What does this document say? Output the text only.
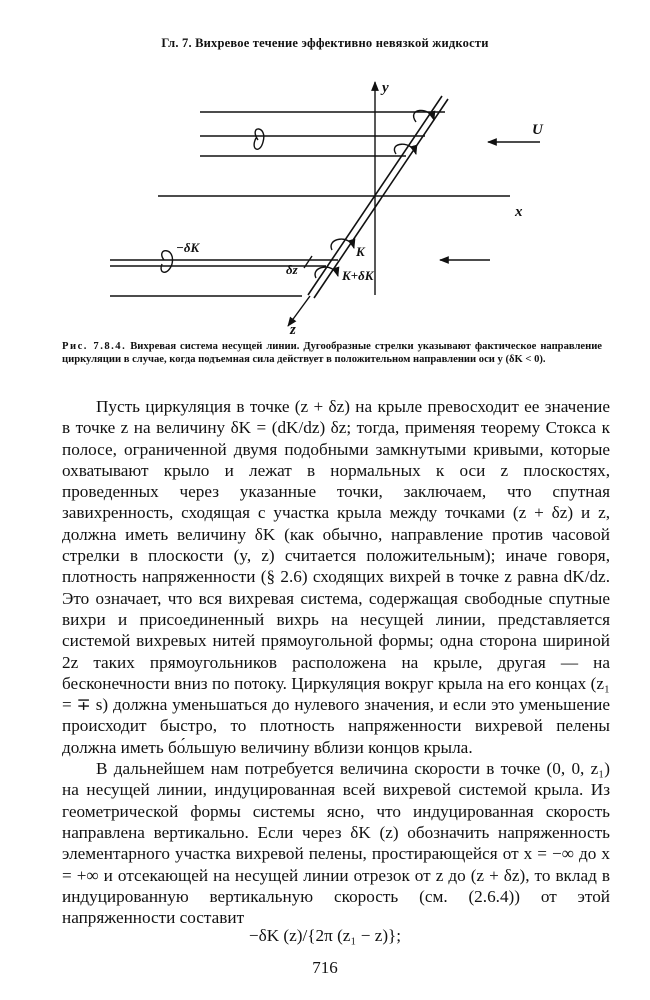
Гл. 7. Вихревое течение эффективно невязкой жидкости
y
U
x
K
K+δK
δz
−δK
z
Рис. 7.8.4. Вихревая система несущей линии. Дугообразные стрелки указывают фактическое направление циркуляции в случае, когда подъемная сила действует в положительном направлении оси y (δK < 0).

Пусть циркуляция в точке (z + δz) на крыле превосходит ее значение в точке z на величину δK = (dK/dz) δz; тогда, применяя теорему Стокса к полосе, ограниченной двумя подобными замкнутыми кривыми, которые охватывают крыло и лежат в нормальных к оси z плоскостях, проведенных через указанные точки, заключаем, что спутная завихренность, сходящая с участка крыла между точками (z + δz) и z, должна иметь величину δK (как обычно, направление против часовой стрелки в плоскости (y, z) считается положительным); иначе говоря, плотность напряженности (§ 2.6) сходящих вихрей в точке z равна dK/dz. Это означает, что вся вихревая система, содержащая свободные спутные вихри и присоединенный вихрь на несущей линии, представляется системой вихревых нитей прямоугольной формы; одна сторона шириной 2z таких прямоугольников расположена на крыле, другая — на бесконечности вниз по потоку. Циркуляция вокруг крыла на его концах (z₁ = ∓ s) должна уменьшаться до нулевого значения, и если это уменьшение происходит быстро, то плотность напряженности вихревой пелены должна иметь бо́льшую величину вблизи концов крыла.

В дальнейшем нам потребуется величина скорости в точке (0, 0, z₁) на несущей линии, индуцированная всей вихревой системой крыла. Из геометрической формы системы ясно, что индуцированная скорость направлена вертикально. Если через δK (z) обозначить напряженность элементарного участка вихревой пелены, простирающейся от x = −∞ до x = +∞ и отсекающей на несущей линии отрезок от z до (z + δz), то вклад в индуцированную вертикальную скорость (см. (2.6.4)) от этой напряженности составит

−δK (z)/{2π (z₁ − z)};
716
